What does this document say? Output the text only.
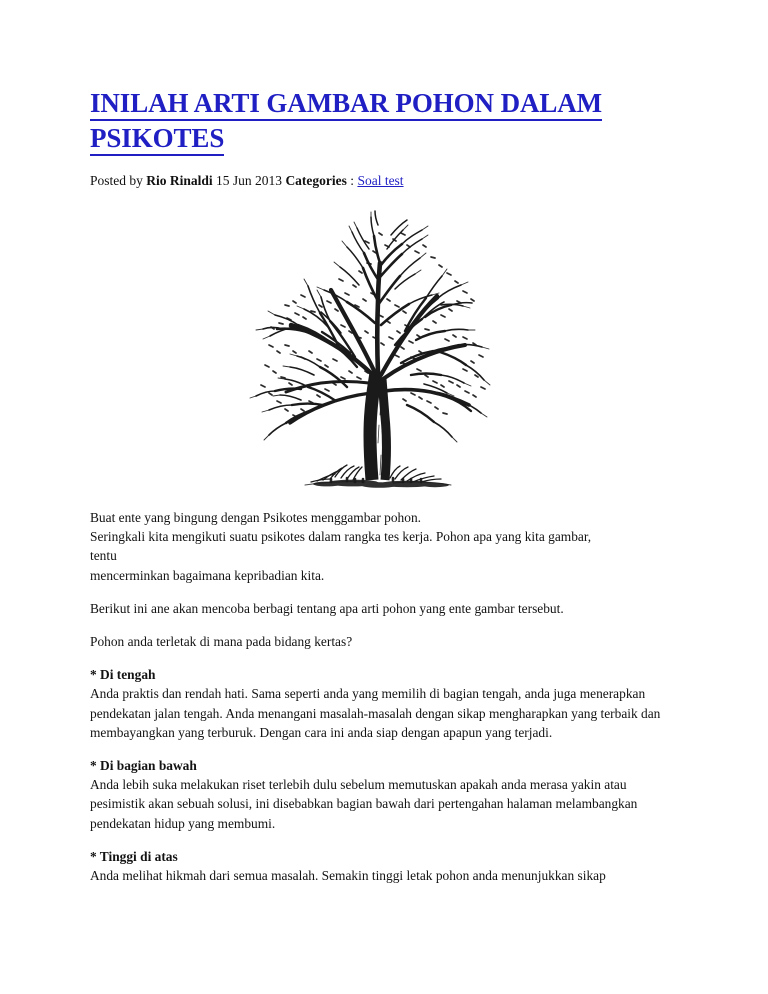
INILAH ARTI GAMBAR POHON DALAM
PSIKOTES

Posted by Rio Rinaldi 15 Jun 2013 Categories : Soal test

Buat ente yang bingung dengan Psikotes menggambar pohon.
Seringkali kita mengikuti suatu psikotes dalam rangka tes kerja. Pohon apa yang kita gambar,
tentu
mencerminkan bagaimana kepribadian kita.

Berikut ini ane akan mencoba berbagi tentang apa arti pohon yang ente gambar tersebut.

Pohon anda terletak di mana pada bidang kertas?

* Di tengah

Anda praktis dan rendah hati. Sama seperti anda yang memilih di bagian tengah, anda juga menerapkan pendekatan jalan tengah. Anda menangani masalah-masalah dengan sikap mengharapkan yang terbaik dan membayangkan yang terburuk. Dengan cara ini anda siap dengan apapun yang terjadi.

* Di bagian bawah

Anda lebih suka melakukan riset terlebih dulu sebelum memutuskan apakah anda merasa yakin atau pesimistik akan sebuah solusi, ini disebabkan bagian bawah dari pertengahan halaman melambangkan pendekatan hidup yang membumi.

* Tinggi di atas

Anda melihat hikmah dari semua masalah. Semakin tinggi letak pohon anda menunjukkan sikap
